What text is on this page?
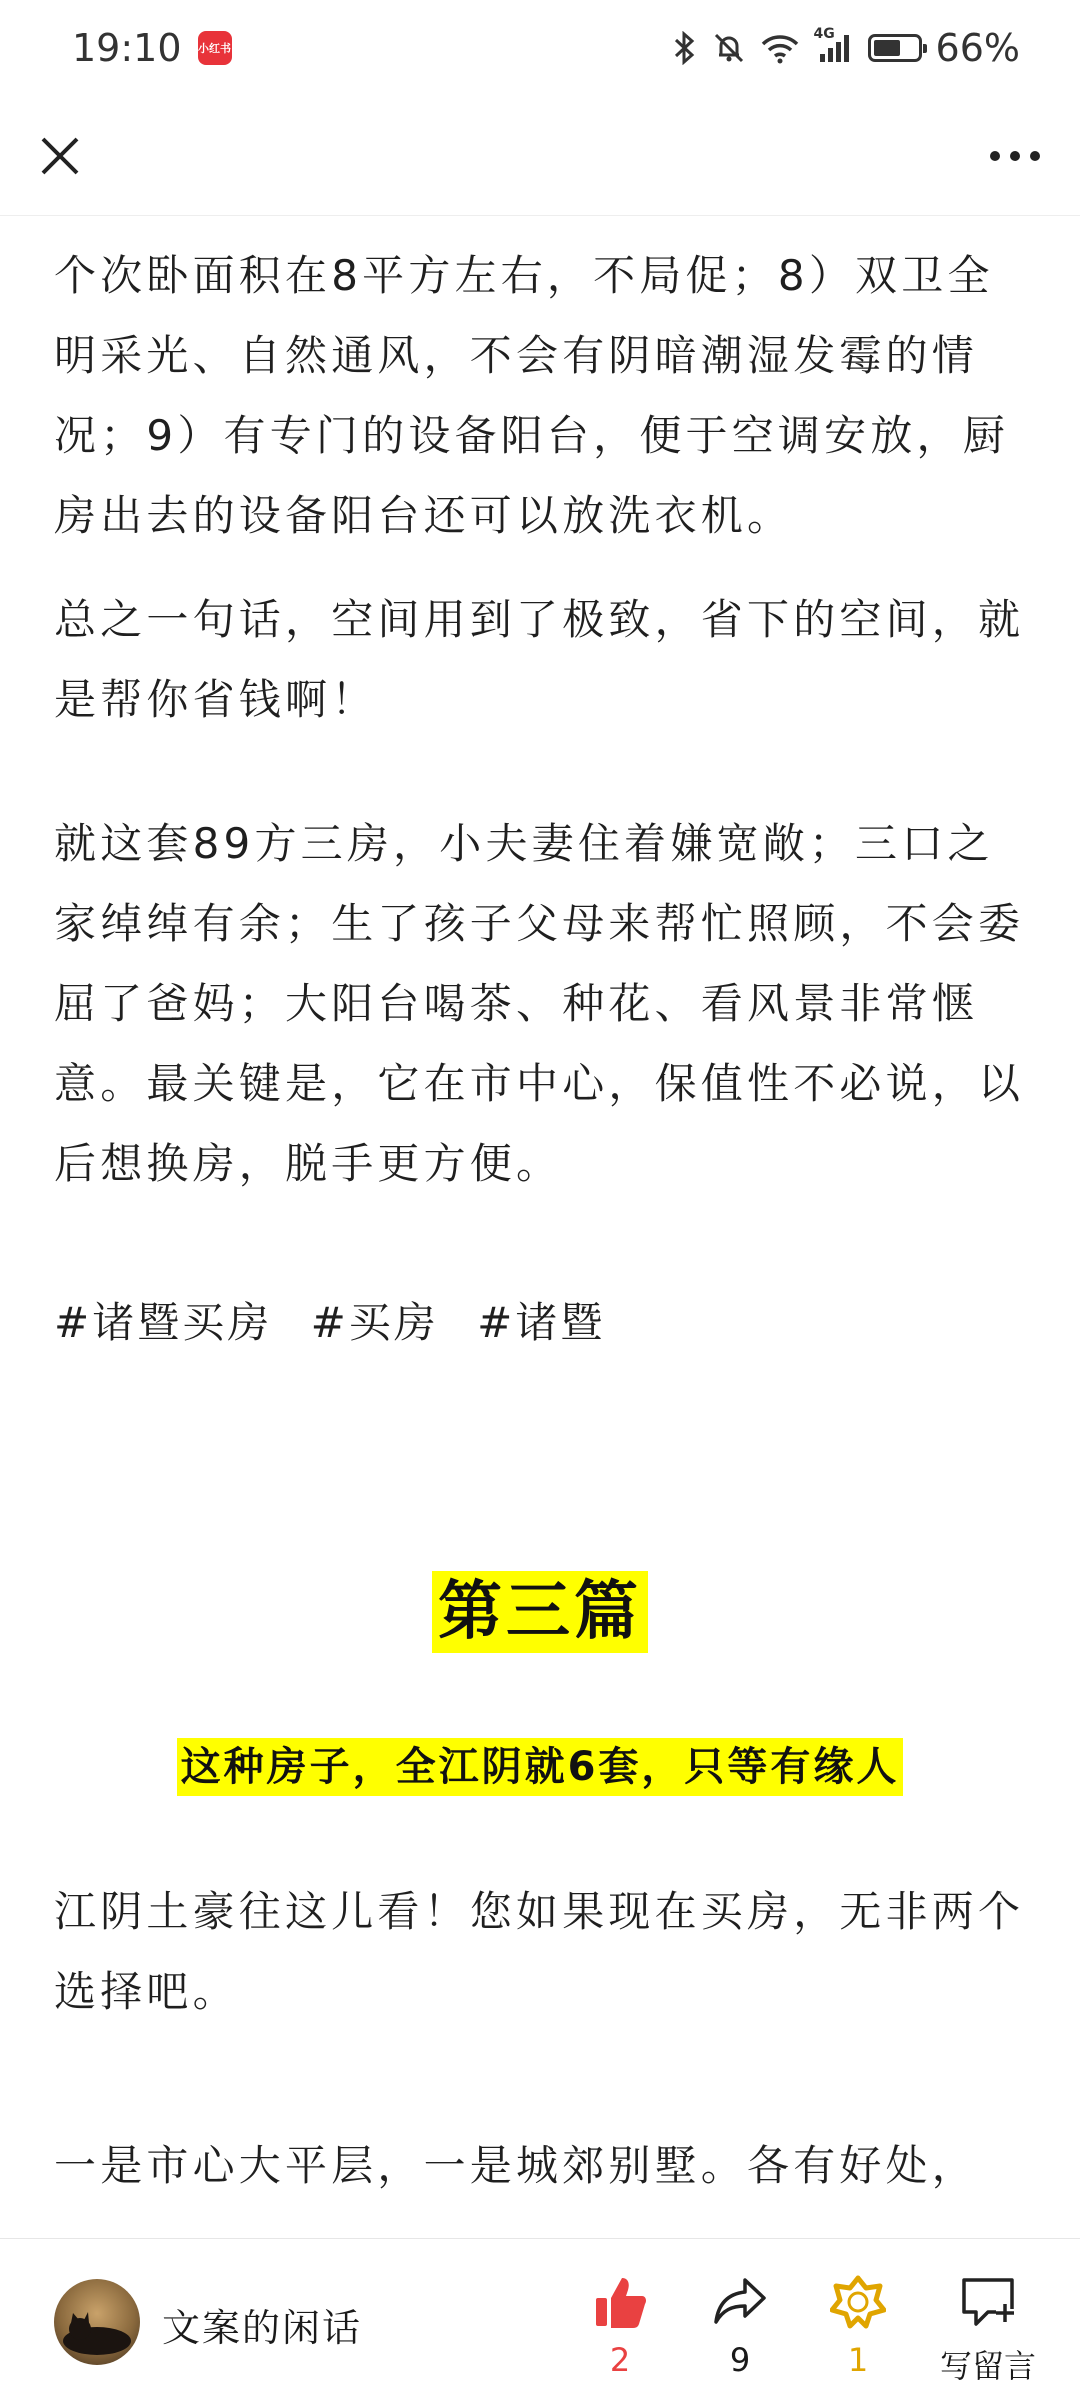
19:10 小红书
4G	66%

个次卧面积在8平方左右，不局促；8）双卫全明采光、自然通风，不会有阴暗潮湿发霉的情况；9）有专门的设备阳台，便于空调安放，厨房出去的设备阳台还可以放洗衣机。

总之一句话，空间用到了极致，省下的空间，就是帮你省钱啊！

就这套89方三房，小夫妻住着嫌宽敞；三口之家绰绰有余；生了孩子父母来帮忙照顾，不会委屈了爸妈；大阳台喝茶、种花、看风景非常惬意。最关键是，它在市中心，保值性不必说，以后想换房，脱手更方便。

#诸暨买房 #买房 #诸暨
第三篇
这种房子，全江阴就6套，只等有缘人

江阴土豪往这儿看！您如果现在买房，无非两个选择吧。

一是市心大平层，一是城郊别墅。各有好处，

文案的闲话
2	9	1	写留言
